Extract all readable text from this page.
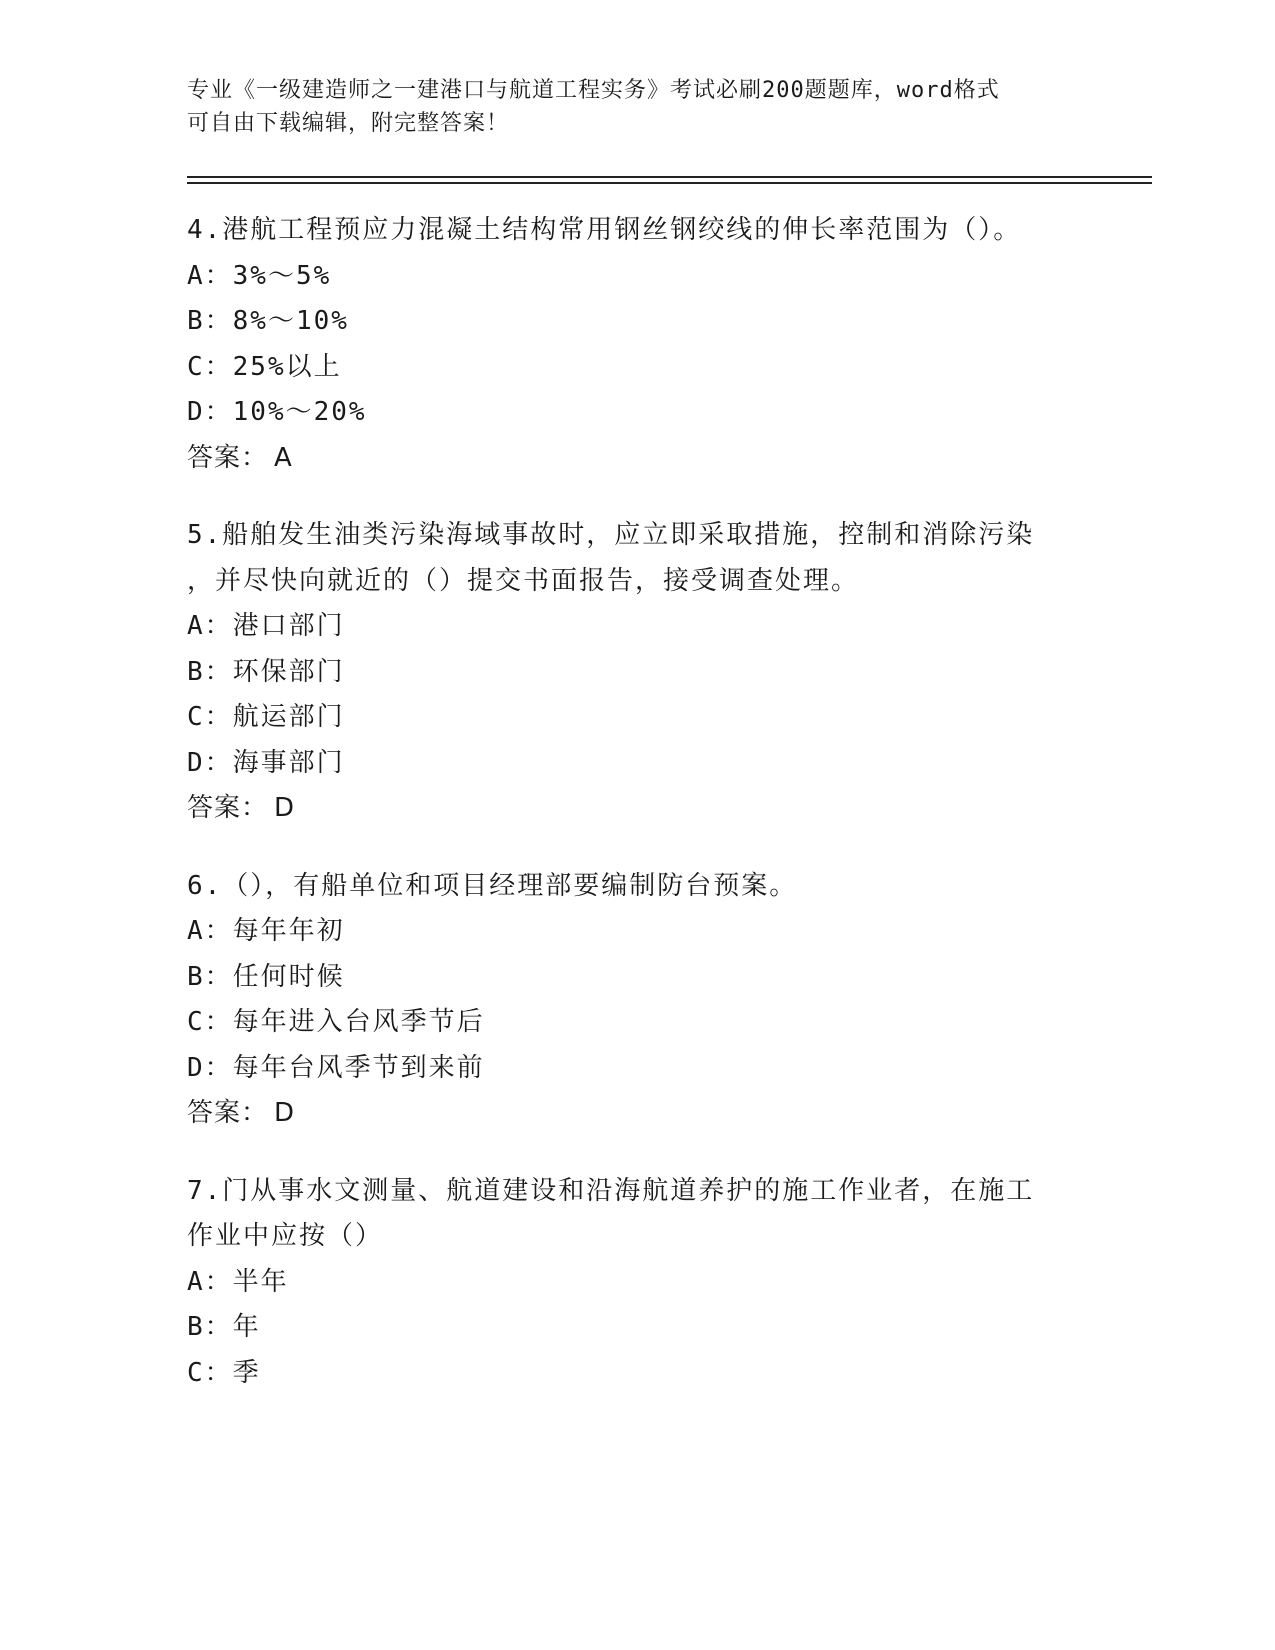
专业《一级建造师之一建港口与航道工程实务》考试必刷200题题库，word格式
可自由下载编辑，附完整答案！
4.港航工程预应力混凝土结构常用钢丝钢绞线的伸长率范围为（）。
A：3%～5%
B：8%～10%
C：25%以上
D：10%～20%
答案： A
5.船舶发生油类污染海域事故时，应立即采取措施，控制和消除污染
，并尽快向就近的（）提交书面报告，接受调查处理。
A：港口部门
B：环保部门
C：航运部门
D：海事部门
答案： D
6.（），有船单位和项目经理部要编制防台预案。
A：每年年初
B：任何时候
C：每年进入台风季节后
D：每年台风季节到来前
答案： D
7.门从事水文测量、航道建设和沿海航道养护的施工作业者，在施工
作业中应按（）
A：半年
B：年
C：季
